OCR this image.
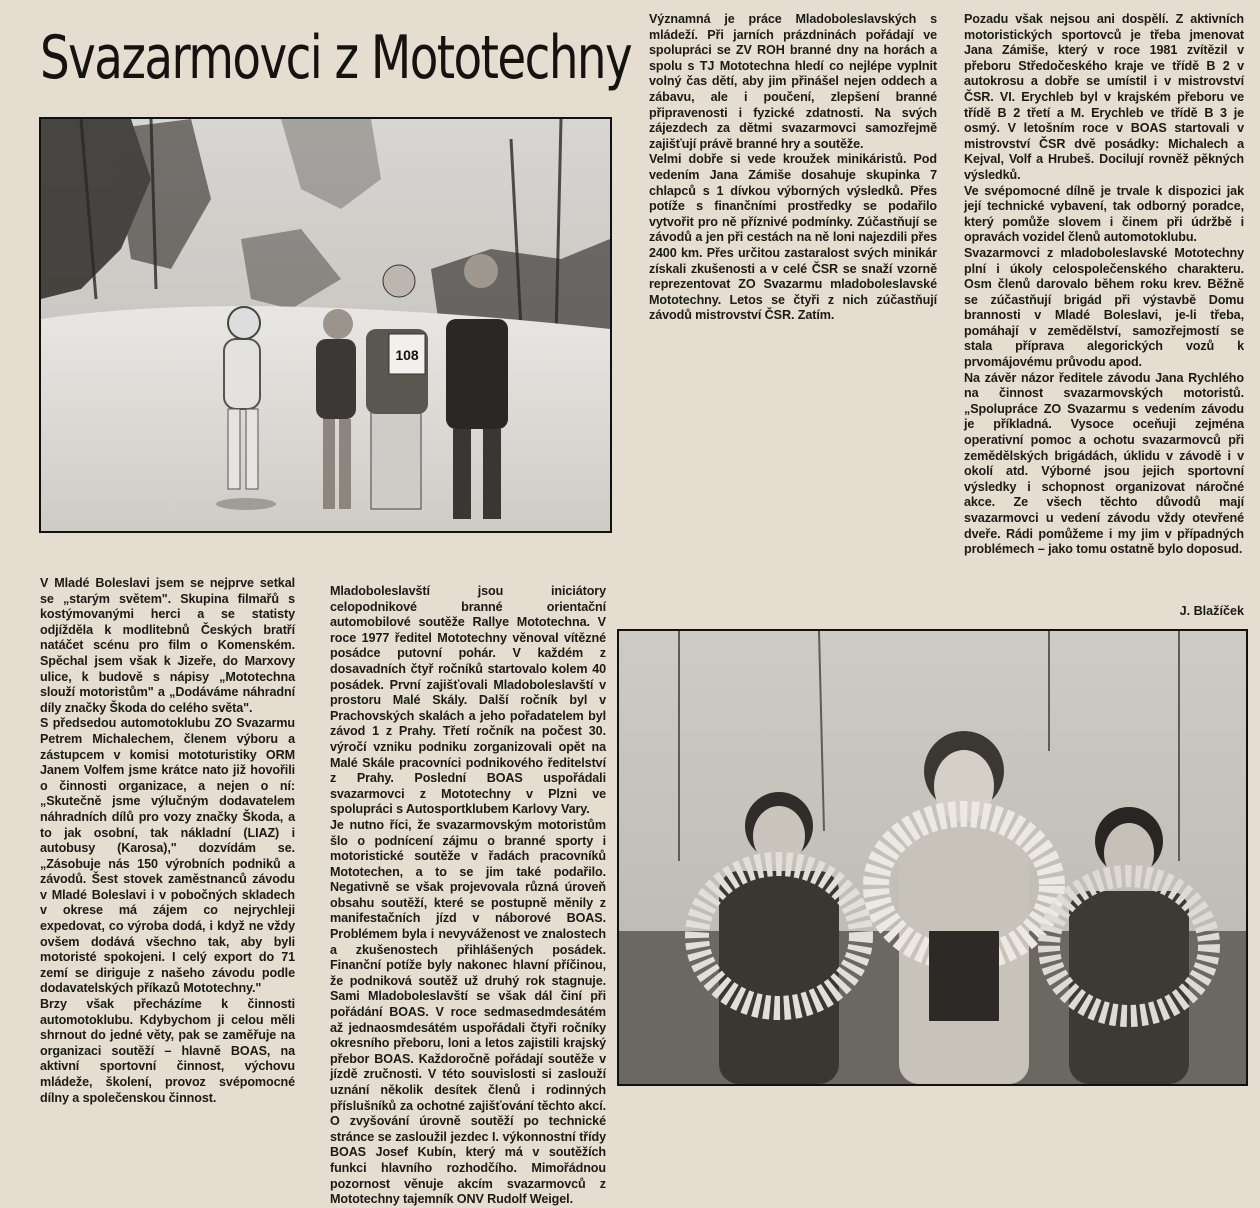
Svazarmovci z Mototechny
108

V Mladé Boleslavi jsem se nejprve setkal se „starým světem". Skupina filmařů s kostýmovanými herci a se statisty odjížděla k modlitebnů Českých bratří natáčet scénu pro film o Komenském. Spěchal jsem však k Jizeře, do Marxovy ulice, k budově s nápisy „Mototechna slouží motoristům" a „Dodáváme náhradní díly značky Škoda do celého světa".

S předsedou automotoklubu ZO Svazarmu Petrem Michalechem, členem výboru a zástupcem v komisi mototuristiky ORM Janem Volfem jsme krátce nato již hovořili o činnosti organizace, a nejen o ní: „Skutečně jsme výlučným dodavatelem náhradních dílů pro vozy značky Škoda, a to jak osobní, tak nákladní (LIAZ) i autobusy (Karosa)," dozvídám se. „Zásobuje nás 150 výrobních podniků a závodů. Šest stovek zaměstnanců závodu v Mladé Boleslavi i v pobočných skladech v okrese má zájem co nejrychleji expedovat, co výroba dodá, i když ne vždy ovšem dodává všechno tak, aby byli motoristé spokojeni. I celý export do 71 zemí se diriguje z našeho závodu podle dodavatelských příkazů Mototechny."

Brzy však přecházíme k činnosti automotoklubu. Kdybychom ji celou měli shrnout do jedné věty, pak se zaměřuje na organizaci soutěží – hlavně BOAS, na aktivní sportovní činnost, výchovu mládeže, školení, provoz svépomocné dílny a společenskou činnost.

Mladoboleslavští jsou iniciátory celopodnikové branné orientační automobilové soutěže Rallye Mototechna. V roce 1977 ředitel Mototechny věnoval vítězné posádce putovní pohár. V každém z dosavadních čtyř ročníků startovalo kolem 40 posádek. První zajišťovali Mladoboleslavští v prostoru Malé Skály. Další ročník byl v Prachovských skalách a jeho pořadatelem byl závod 1 z Prahy. Třetí ročník na počest 30. výročí vzniku podniku zorganizovali opět na Malé Skále pracovníci podnikového ředitelství z Prahy. Poslední BOAS uspořádali svazarmovci z Mototechny v Plzni ve spolupráci s Autosportklubem Karlovy Vary.

Je nutno říci, že svazarmovským motoristům šlo o podnícení zájmu o branné sporty i motoristické soutěže v řadách pracovníků Mototechen, a to se jim také podařilo. Negativně se však projevovala různá úroveň obsahu soutěží, které se postupně měnily z manifestačních jízd v náborové BOAS. Problémem byla i nevyváženost ve znalostech a zkušenostech přihlášených posádek. Finanční potíže byly nakonec hlavní příčinou, že podniková soutěž už druhý rok stagnuje. Sami Mladoboleslavští se však dál činí při pořádání BOAS. V roce sedmasedmdesátém až jednaosmdesátém uspořádali čtyři ročníky okresního přeboru, loni a letos zajistili krajský přebor BOAS. Každoročně pořádají soutěže v jízdě zručnosti. V této souvislosti si zaslouží uznání několik desítek členů i rodinných příslušníků za ochotné zajišťování těchto akcí. O zvyšování úrovně soutěží po technické stránce se zasloužil jezdec I. výkonnostní třídy BOAS Josef Kubín, který má v soutěžích funkci hlavního rozhodčího. Mimořádnou pozornost věnuje akcím svazarmovců z Mototechny tajemník ONV Rudolf Weigel.

Významná je práce Mladoboleslavských s mládeží. Při jarních prázdninách pořádají ve spolupráci se ZV ROH branné dny na horách a spolu s TJ Mototechna hledí co nejlépe vyplnit volný čas dětí, aby jim přinášel nejen oddech a zábavu, ale i poučení, zlepšení branné připravenosti i fyzické zdatnosti. Na svých zájezdech za dětmi svazarmovci samozřejmě zajišťují právě branné hry a soutěže.

Velmi dobře si vede kroužek minikáristů. Pod vedením Jana Zámiše dosahuje skupinka 7 chlapců s 1 dívkou výborných výsledků. Přes potíže s finančními prostředky se podařilo vytvořit pro ně příznivé podmínky. Zúčastňují se závodů a jen při cestách na ně loni najezdili přes 2400 km. Přes určitou zastaralost svých minikár získali zkušenosti a v celé ČSR se snaží vzorně reprezentovat ZO Svazarmu mladoboleslavské Mototechny. Letos se čtyři z nich zúčastňují závodů mistrovství ČSR. Zatím.

Pozadu však nejsou ani dospělí. Z aktivních motoristických sportovců je třeba jmenovat Jana Zámiše, který v roce 1981 zvítězil v přeboru Středočeského kraje ve třídě B 2 v autokrosu a dobře se umístil i v mistrovství ČSR. VI. Erychleb byl v krajském přeboru ve třídě B 2 třetí a M. Erychleb ve třídě B 3 je osmý. V letošním roce v BOAS startovali v mistrovství ČSR dvě posádky: Michalech a Kejval, Volf a Hrubeš. Docilují rovněž pěkných výsledků.

Ve svépomocné dílně je trvale k dispozici jak její technické vybavení, tak odborný poradce, který pomůže slovem i činem při údržbě i opravách vozidel členů automotoklubu.

Svazarmovci z mladoboleslavské Mototechny plní i úkoly celospolečenského charakteru. Osm členů darovalo během roku krev. Běžně se zúčastňují brigád při výstavbě Domu brannosti v Mladé Boleslavi, je-li třeba, pomáhají v zemědělství, samozřejmostí se stala příprava alegorických vozů k prvomájovému průvodu apod.

Na závěr názor ředitele závodu Jana Rychlého na činnost svazarmovských motoristů. „Spolupráce ZO Svazarmu s vedením závodu je příkladná. Vysoce oceňuji zejména operativní pomoc a ochotu svazarmovců při zemědělských brigádách, úklidu v závodě i v okolí atd. Výborné jsou jejich sportovní výsledky i schopnost organizovat náročné akce. Ze všech těchto důvodů mají svazarmovci u vedení závodu vždy otevřené dveře. Rádi pomůžeme i my jim v případných problémech – jako tomu ostatně bylo doposud.

J. Blažíček
